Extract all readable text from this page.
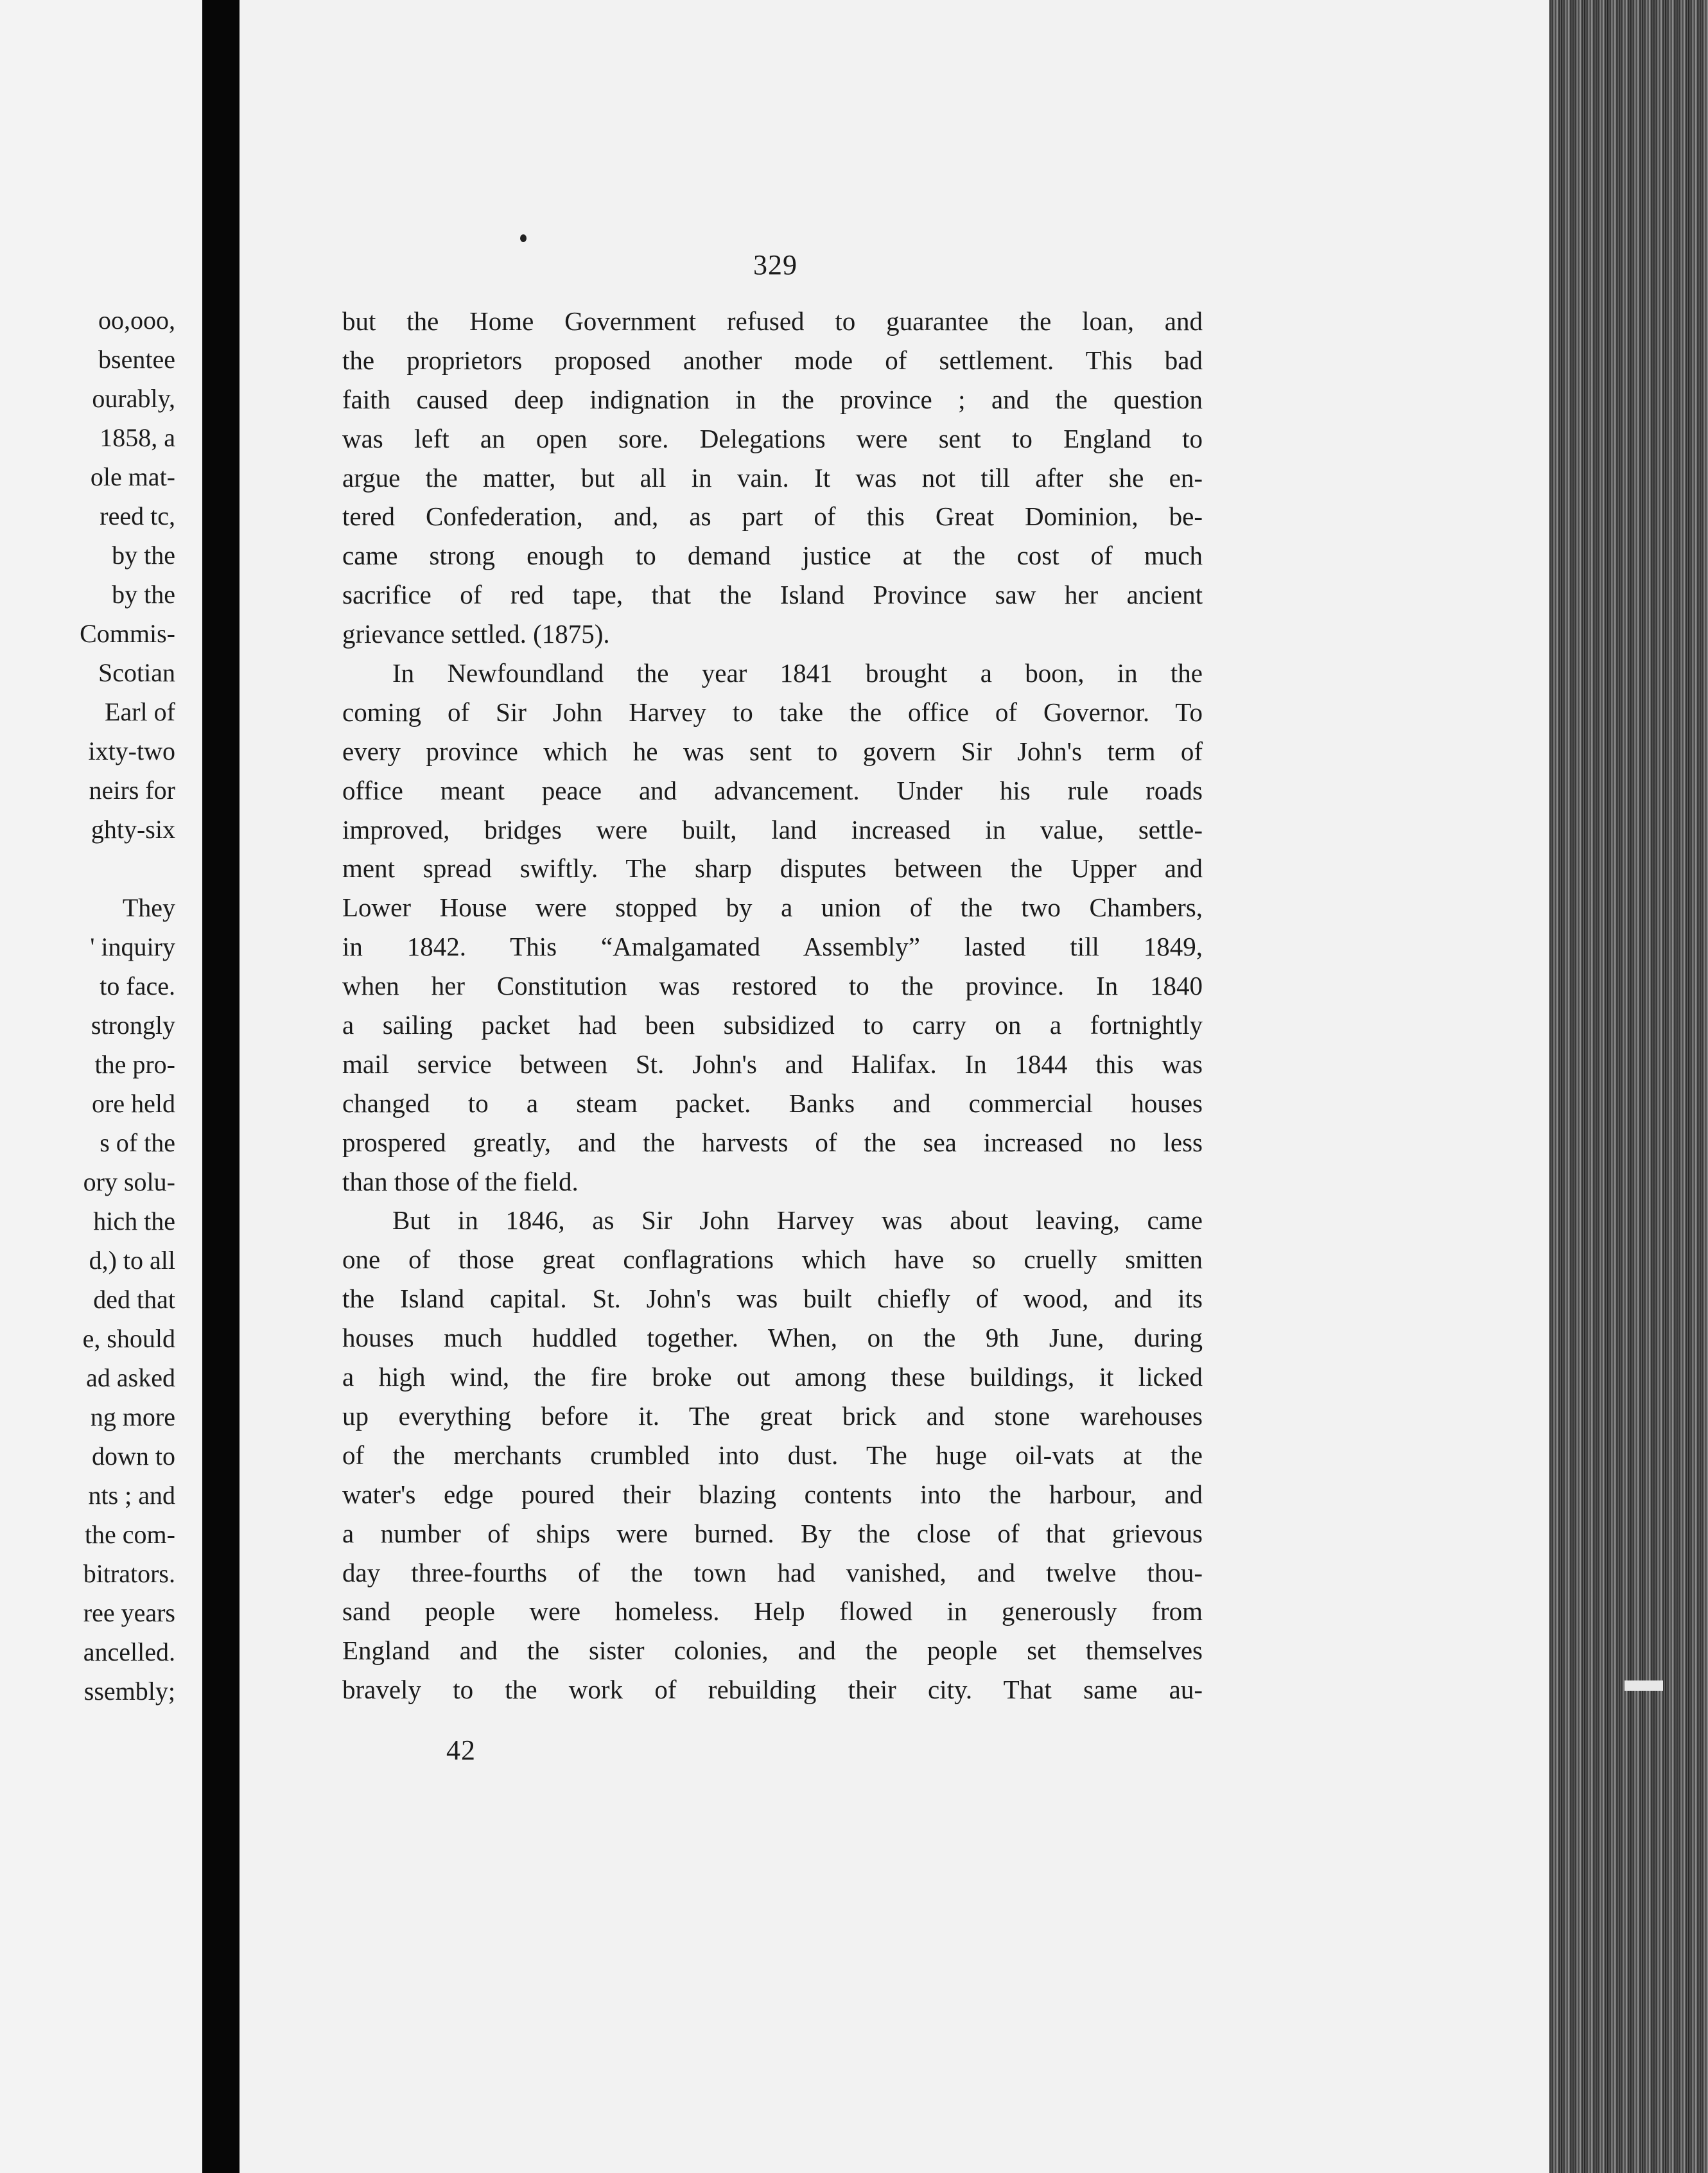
oo,ooo,
bsentee
ourably,
1858, a
ole mat-
reed tc,
by the
by the
Commis-
Scotian
Earl of
ixty-two
neirs for
ghty-six
They
' inquiry
to face.
strongly
the pro-
ore held
s of the
ory solu-
hich the
d,) to all
ded that
e, should
ad asked
ng more
down to
nts ; and
the com-
bitrators.
ree years
ancelled.
ssembly;
329
but the Home Government refused to guarantee the loan, and
the proprietors proposed another mode of settlement. This bad
faith caused deep indignation in the province ; and the question
was left an open sore. Delegations were sent to England to
argue the matter, but all in vain. It was not till after she en-
tered Confederation, and, as part of this Great Dominion, be-
came strong enough to demand justice at the cost of much
sacrifice of red tape, that the Island Province saw her ancient
grievance settled. (1875).
In Newfoundland the year 1841 brought a boon, in the
coming of Sir John Harvey to take the office of Governor. To
every province which he was sent to govern Sir John's term of
office meant peace and advancement. Under his rule roads
improved, bridges were built, land increased in value, settle-
ment spread swiftly. The sharp disputes between the Upper and
Lower House were stopped by a union of the two Chambers,
in 1842. This “Amalgamated Assembly” lasted till 1849,
when her Constitution was restored to the province. In 1840
a sailing packet had been subsidized to carry on a fortnightly
mail service between St. John's and Halifax. In 1844 this was
changed to a steam packet. Banks and commercial houses
prospered greatly, and the harvests of the sea increased no less
than those of the field.
But in 1846, as Sir John Harvey was about leaving, came
one of those great conflagrations which have so cruelly smitten
the Island capital. St. John's was built chiefly of wood, and its
houses much huddled together. When, on the 9th June, during
a high wind, the fire broke out among these buildings, it licked
up everything before it. The great brick and stone warehouses
of the merchants crumbled into dust. The huge oil-vats at the
water's edge poured their blazing contents into the harbour, and
a number of ships were burned. By the close of that grievous
day three-fourths of the town had vanished, and twelve thou-
sand people were homeless. Help flowed in generously from
England and the sister colonies, and the people set themselves
bravely to the work of rebuilding their city. That same au-
42
